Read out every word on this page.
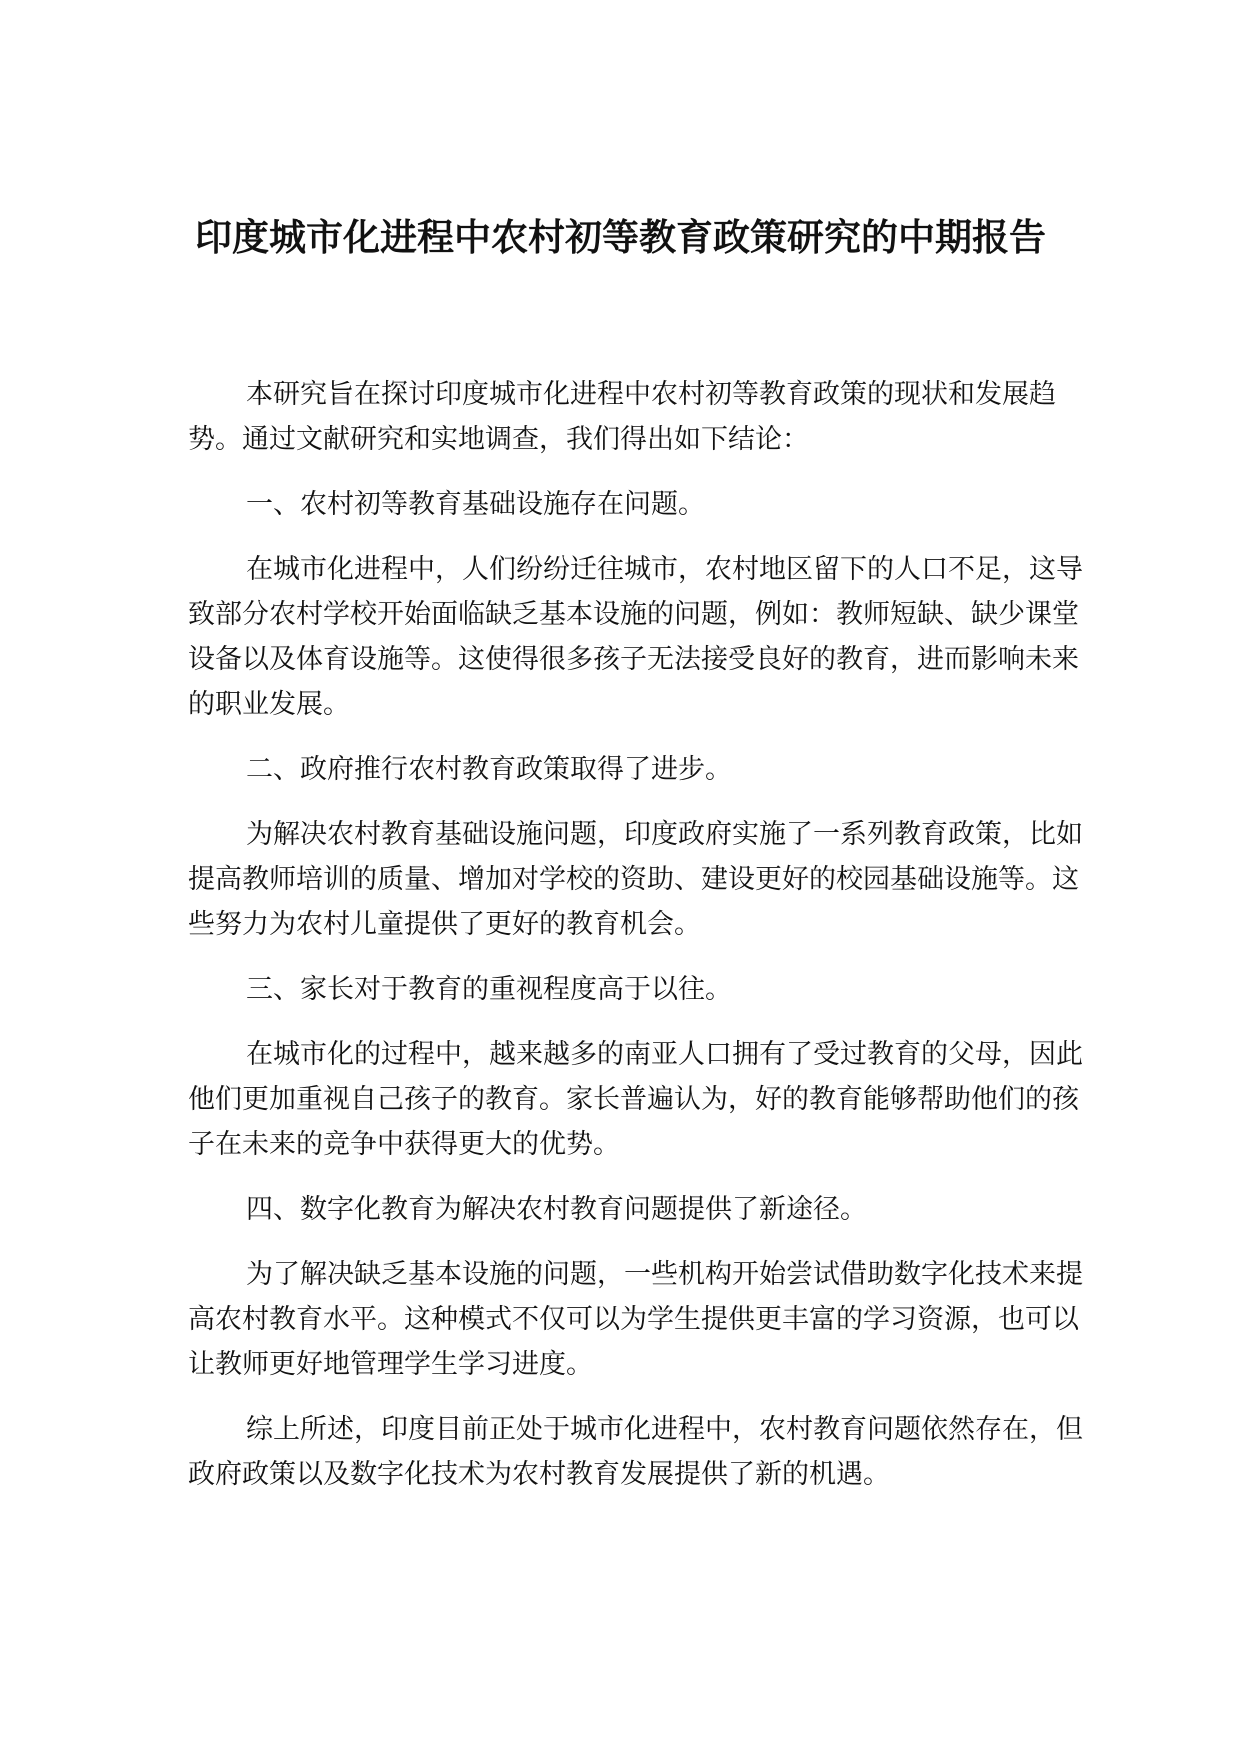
印度城市化进程中农村初等教育政策研究的中期报告

本研究旨在探讨印度城市化进程中农村初等教育政策的现状和发展趋势。通过文献研究和实地调查，我们得出如下结论：

一、农村初等教育基础设施存在问题。

在城市化进程中，人们纷纷迁往城市，农村地区留下的人口不足，这导致部分农村学校开始面临缺乏基本设施的问题，例如：教师短缺、缺少课堂设备以及体育设施等。这使得很多孩子无法接受良好的教育，进而影响未来的职业发展。

二、政府推行农村教育政策取得了进步。

为解决农村教育基础设施问题，印度政府实施了一系列教育政策，比如提高教师培训的质量、增加对学校的资助、建设更好的校园基础设施等。这些努力为农村儿童提供了更好的教育机会。

三、家长对于教育的重视程度高于以往。

在城市化的过程中，越来越多的南亚人口拥有了受过教育的父母，因此他们更加重视自己孩子的教育。家长普遍认为，好的教育能够帮助他们的孩子在未来的竞争中获得更大的优势。

四、数字化教育为解决农村教育问题提供了新途径。

为了解决缺乏基本设施的问题，一些机构开始尝试借助数字化技术来提高农村教育水平。这种模式不仅可以为学生提供更丰富的学习资源，也可以让教师更好地管理学生学习进度。

综上所述，印度目前正处于城市化进程中，农村教育问题依然存在，但政府政策以及数字化技术为农村教育发展提供了新的机遇。
